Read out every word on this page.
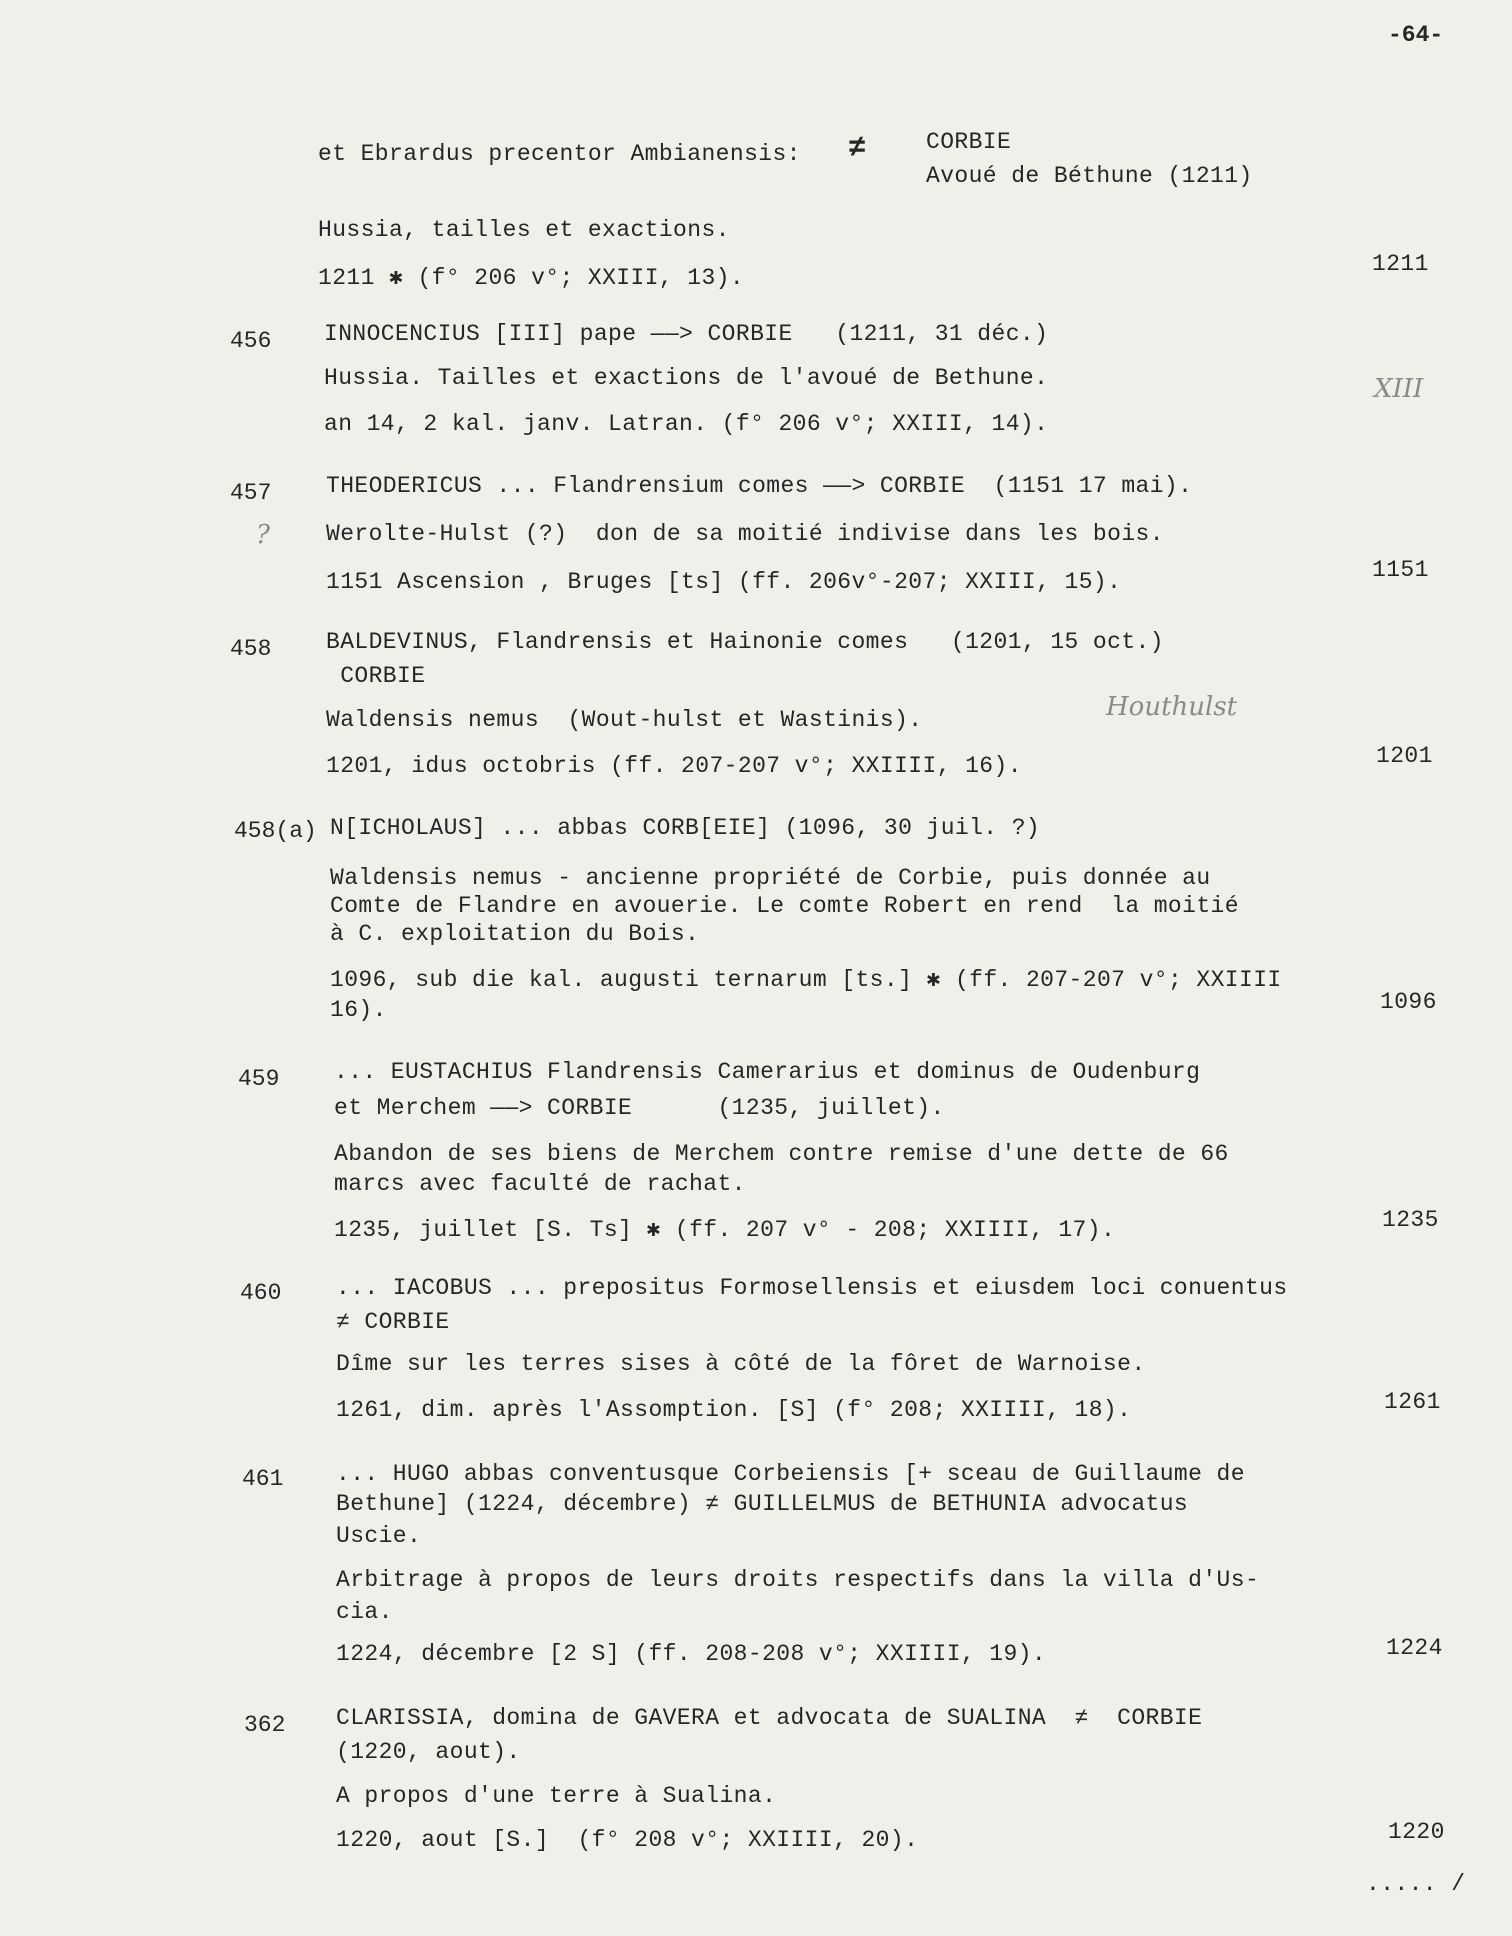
-64-
et Ebrardus precentor Ambianensis: ≠	CORBIE
Avoué de Béthune (1211)
Hussia, tailles et exactions.
1211 ✱ (f° 206 v°; XXIII, 13).
1211
456 INNOCENCIUS [III] pape ——> CORBIE   (1211, 31 déc.)
Hussia. Tailles et exactions de l'avoué de Bethune.
an 14, 2 kal. janv. Latran. (f° 206 v°; XXIII, 14).
XIII
457 THEODERICUS ... Flandrensium comes ——> CORBIE  (1151 17 mai).
? Werolte-Hulst (?)  don de sa moitié indivise dans les bois.
1151 Ascension , Bruges [ts] (ff. 206v°-207; XXIII, 15).	1151
458 BALDEVINUS, Flandrensis et Hainonie comes   (1201, 15 oct.)
CORBIE
Waldensis nemus  (Wout-hulst et Wastinis).	Houthulst
1201, idus octobris (ff. 207-207 v°; XXIIII, 16).	1201
458(a) N[ICHOLAUS] ... abbas CORB[EIE] (1096, 30 juil. ?)
Waldensis nemus - ancienne propriété de Corbie, puis donnée au
Comte de Flandre en avouerie. Le comte Robert en rend  la moitié
à C. exploitation du Bois.
1096, sub die kal. augusti ternarum [ts.] ✱ (ff. 207-207 v°; XXIIII
16).	1096
459 ... EUSTACHIUS Flandrensis Camerarius et dominus de Oudenburg
et Merchem ——> CORBIE      (1235, juillet).
Abandon de ses biens de Merchem contre remise d'une dette de 66
marcs avec faculté de rachat.
1235, juillet [S. Ts] ✱ (ff. 207 v° - 208; XXIIII, 17).	1235
460 ... IACOBUS ... prepositus Formosellensis et eiusdem loci conuentus
≠ CORBIE
Dîme sur les terres sises à côté de la fôret de Warnoise.
1261, dim. après l'Assomption. [S] (f° 208; XXIIII, 18).	1261
461 ... HUGO abbas conventusque Corbeiensis [+ sceau de Guillaume de
Bethune] (1224, décembre) ≠ GUILLELMUS de BETHUNIA advocatus
Uscie.
Arbitrage à propos de leurs droits respectifs dans la villa d'Us-
cia.
1224, décembre [2 S] (ff. 208-208 v°; XXIIII, 19).	1224
362 CLARISSIA, domina de GAVERA et advocata de SUALINA  ≠  CORBIE
(1220, aout).
A propos d'une terre à Sualina.
1220, aout [S.]  (f° 208 v°; XXIIII, 20).	1220
..... /
